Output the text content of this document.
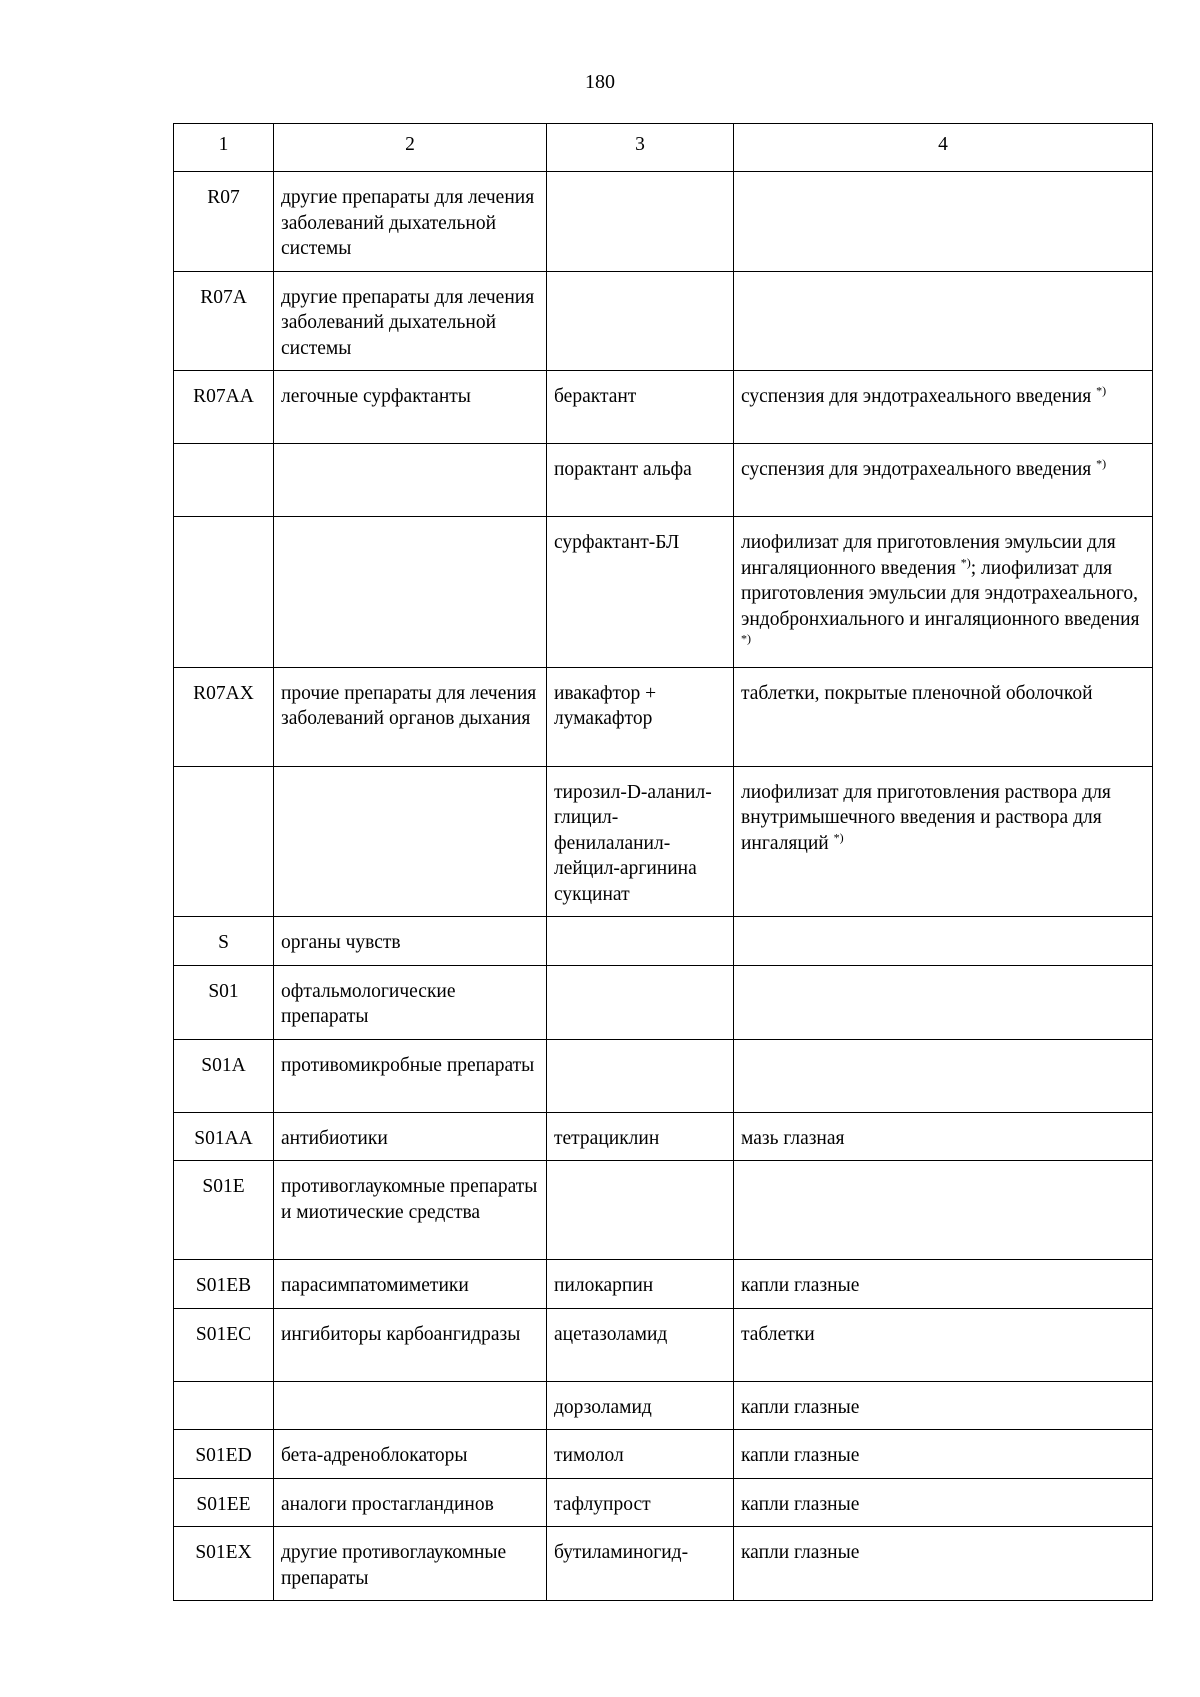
180
1	2	3	4
R07	другие препараты для лечения заболеваний дыхательной системы		
R07A	другие препараты для лечения заболеваний дыхательной системы		
R07AA	легочные сурфактанты	берактант	суспензия для эндотрахеального введения *)
		порактант альфа	суспензия для эндотрахеального введения *)
		сурфактант-БЛ	лиофилизат для приготовления эмульсии для ингаляционного введения *); лиофилизат для приготовления эмульсии для эндотрахеального, эндобронхиального и ингаляционного введения *)
R07AX	прочие препараты для лечения заболеваний органов дыхания	ивакафтор + лумакафтор	таблетки, покрытые пленочной оболочкой
		тирозил-D-аланил-глицил-фенилаланил-лейцил-аргинина сукцинат	лиофилизат для приготовления раствора для внутримышечного введения и раствора для ингаляций *)
S	органы чувств		
S01	офтальмологические препараты		
S01A	противомикробные препараты		
S01AA	антибиотики	тетрациклин	мазь глазная
S01E	противоглаукомные препараты и миотические средства		
S01EB	парасимпатомиметики	пилокарпин	капли глазные
S01EC	ингибиторы карбоангидразы	ацетазоламид	таблетки
		дорзоламид	капли глазные
S01ED	бета-адреноблокаторы	тимолол	капли глазные
S01EE	аналоги простагландинов	тафлупрост	капли глазные
S01EX	другие противоглаукомные препараты	бутиламиногид-	капли глазные
